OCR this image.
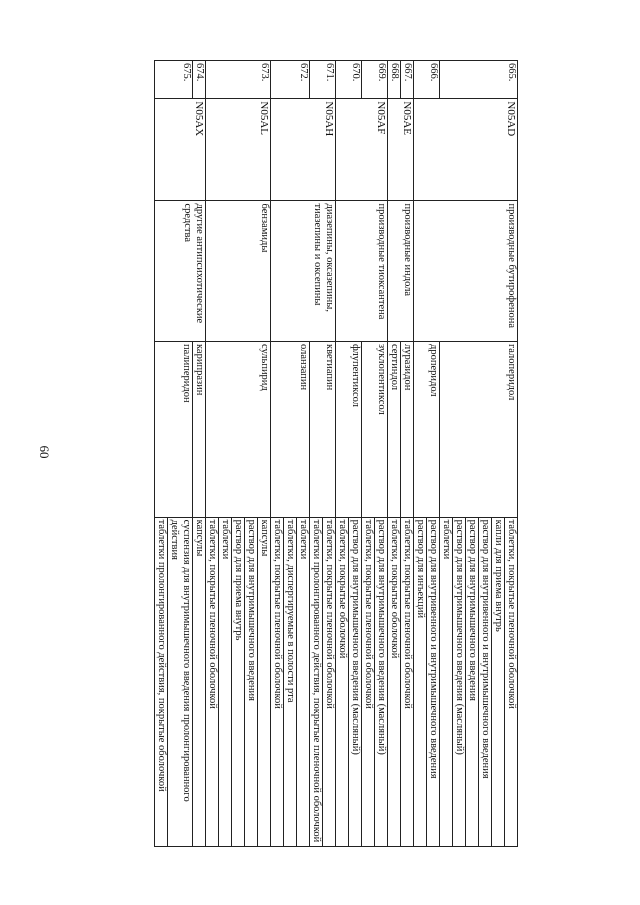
60
665.	N05AD	производные бутирофенона	галоперидол	таблетки, покрытые пленочной оболочкой
				капли для приема внутрь
				раствор для внутривенного и внутримышечного введения
				раствор для внутримышечного введения
				раствор для внутримышечного введения (масляный)
				таблетки
666.			дроперидол	раствор для внутривенного и внутримышечного введения
				раствор для инъекций
667.	N05AE	производные индола	луразидон	таблетки, покрытые пленочной оболочкой
668.			сертиндол	таблетки, покрытые оболочкой
669.	N05AF	производные тиоксантена	зуклопентиксол	раствор для внутримышечного введения (масляный)
				таблетки, покрытые пленочной оболочкой
670.			флупентиксол	раствор для внутримышечного введения (масляный)
				таблетки, покрытые оболочкой
671.	N05AH	диазепины, оксазепины, тиазепины и оксепины	кветиапин	таблетки, покрытые пленочной оболочкой
				таблетки пролонгированного действия, покрытые пленочной оболочкой
672.			оланзапин	таблетки
				таблетки, диспергируемые в полости рта
				таблетки, покрытые пленочной оболочкой
673.	N05AL	бензамиды	сульпирид	капсулы
				раствор для внутримышечного введения
				раствор для приема внутрь
				таблетки
				таблетки, покрытые пленочной оболочкой
674.	N05AX	другие антипсихотические средства	карипразин	капсулы
675.			палиперидон	суспензия для внутримышечного введения пролонгированного действия
				таблетки пролонгированного действия, покрытые оболочкой
